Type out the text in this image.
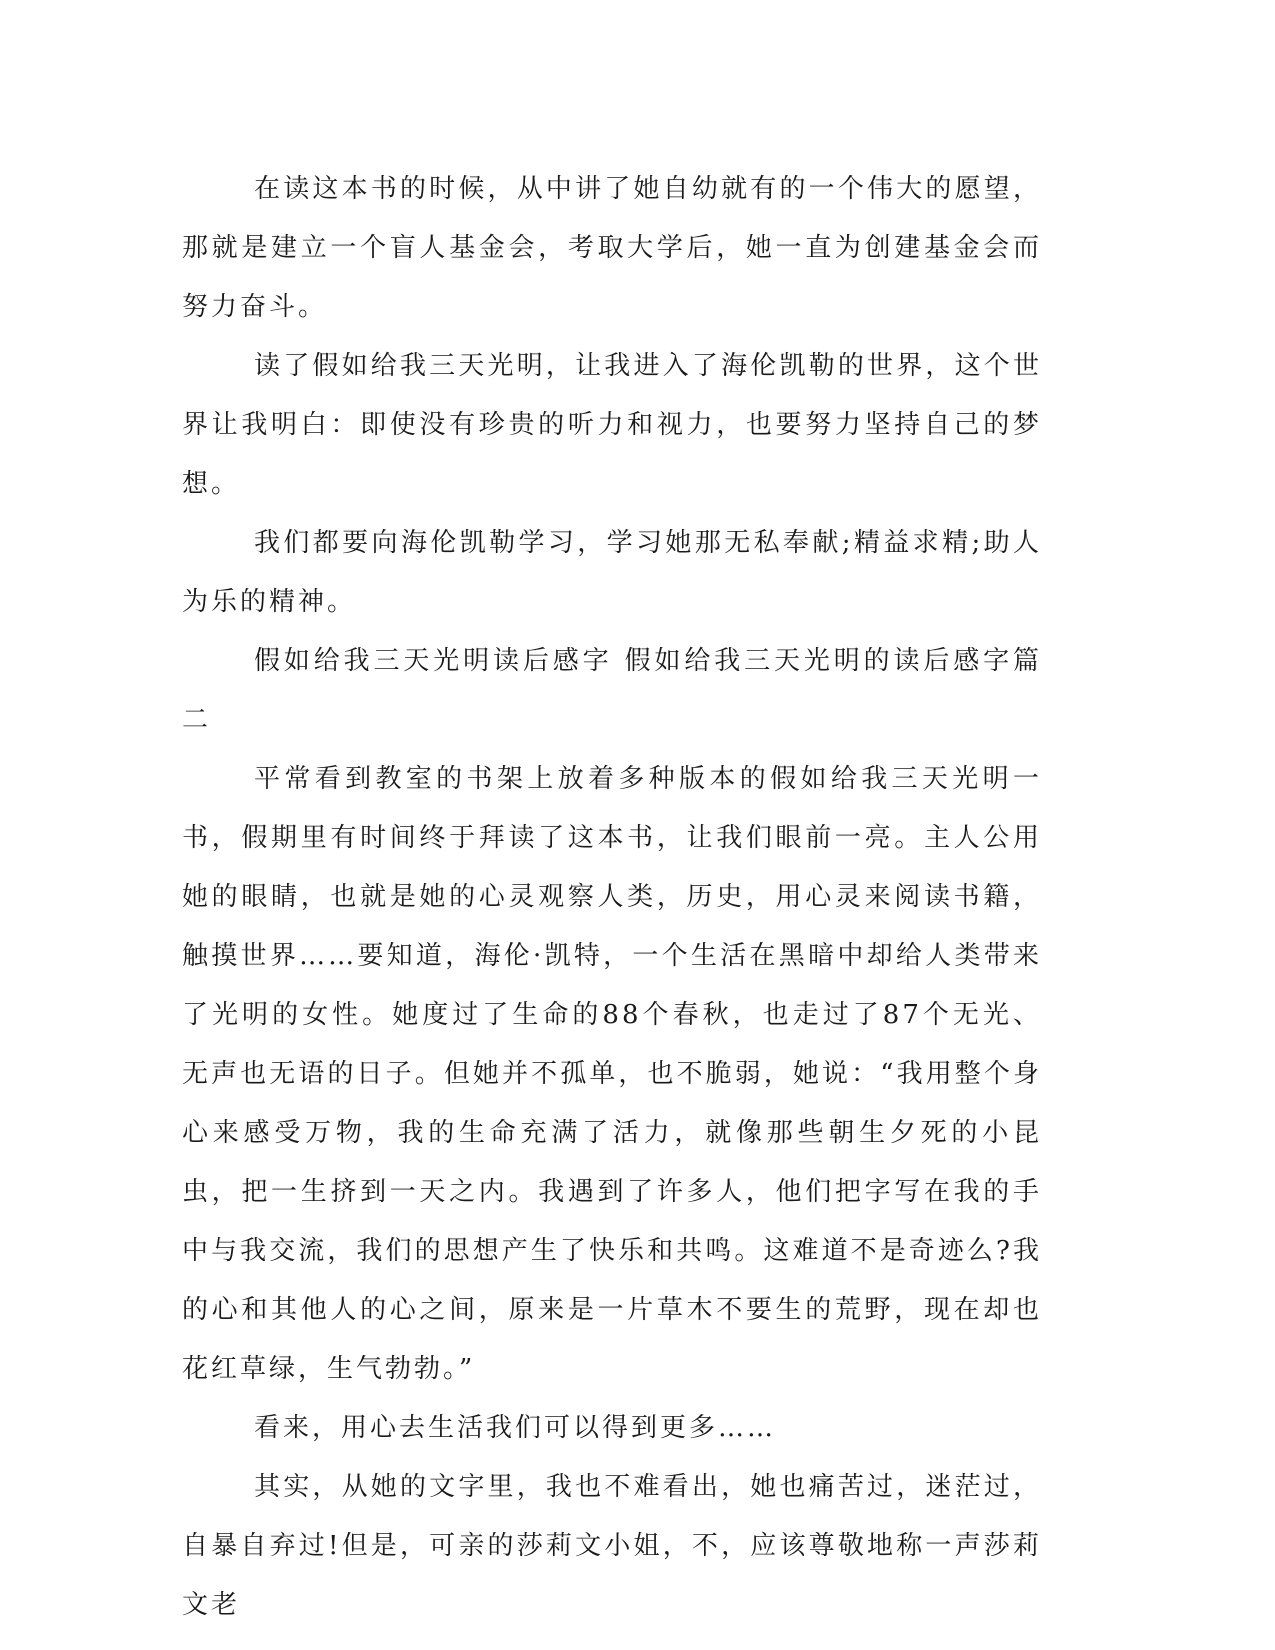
在读这本书的时候，从中讲了她自幼就有的一个伟大的愿望，那就是建立一个盲人基金会，考取大学后，她一直为创建基金会而努力奋斗。

读了假如给我三天光明，让我进入了海伦凯勒的世界，这个世界让我明白：即使没有珍贵的听力和视力，也要努力坚持自己的梦想。

我们都要向海伦凯勒学习，学习她那无私奉献;精益求精;助人为乐的精神。

假如给我三天光明读后感字 假如给我三天光明的读后感字篇二

平常看到教室的书架上放着多种版本的假如给我三天光明一书，假期里有时间终于拜读了这本书，让我们眼前一亮。主人公用她的眼睛，也就是她的心灵观察人类，历史，用心灵来阅读书籍，触摸世界……要知道，海伦·凯特，一个生活在黑暗中却给人类带来了光明的女性。她度过了生命的88个春秋，也走过了87个无光、无声也无语的日子。但她并不孤单，也不脆弱，她说：“我用整个身心来感受万物，我的生命充满了活力，就像那些朝生夕死的小昆虫，把一生挤到一天之内。我遇到了许多人，他们把字写在我的手中与我交流，我们的思想产生了快乐和共鸣。这难道不是奇迹么?我的心和其他人的心之间，原来是一片草木不要生的荒野，现在却也花红草绿，生气勃勃。”

看来，用心去生活我们可以得到更多……

其实，从她的文字里，我也不难看出，她也痛苦过，迷茫过，自暴自弃过!但是，可亲的莎莉文小姐，不，应该尊敬地称一声莎莉文老
